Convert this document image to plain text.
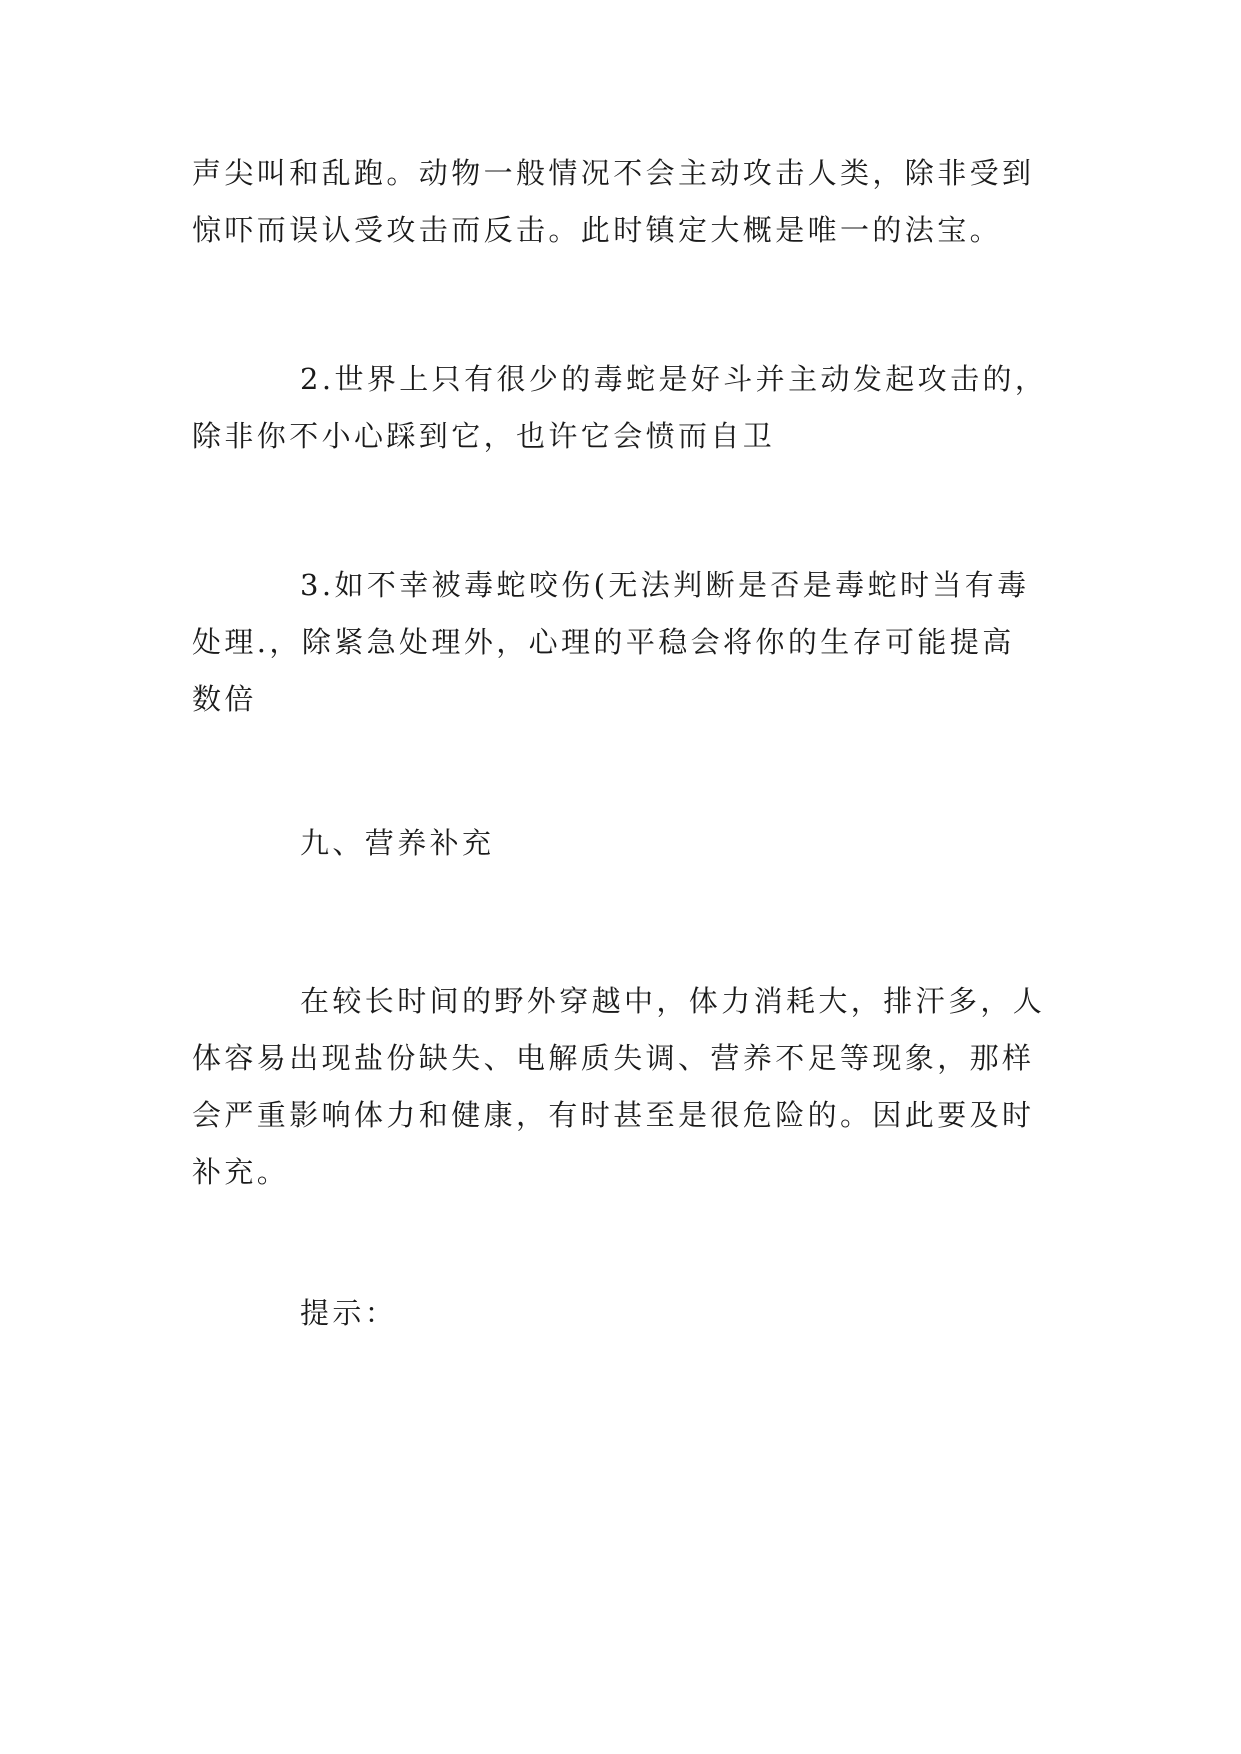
声尖叫和乱跑。动物一般情况不会主动攻击人类，除非受到
惊吓而误认受攻击而反击。此时镇定大概是唯一的法宝。
2.世界上只有很少的毒蛇是好斗并主动发起攻击的，
除非你不小心踩到它，也许它会愤而自卫
3.如不幸被毒蛇咬伤(无法判断是否是毒蛇时当有毒
处理.，除紧急处理外，心理的平稳会将你的生存可能提高
数倍
九、营养补充
在较长时间的野外穿越中，体力消耗大，排汗多，人
体容易出现盐份缺失、电解质失调、营养不足等现象，那样
会严重影响体力和健康，有时甚至是很危险的。因此要及时
补充。
提示：
